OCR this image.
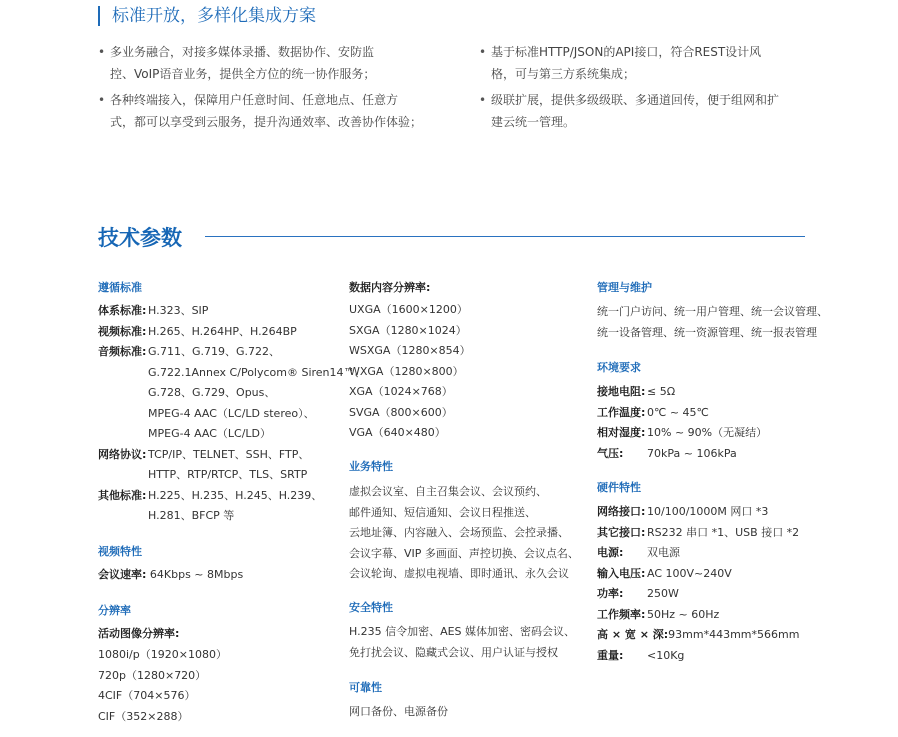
标准开放，多样化集成方案
• 多业务融合，对接多媒体录播、数据协作、安防监
控、VoIP语音业务，提供全方位的统一协作服务；
• 各种终端接入，保障用户任意时间、任意地点、任意方
式，都可以享受到云服务，提升沟通效率、改善协作体验；
• 基于标准HTTP/JSON的API接口，符合REST设计风
格，可与第三方系统集成；
• 级联扩展，提供多级级联、多通道回传，便于组网和扩
建云统一管理。
技术参数
遵循标准
体系标准: H.323、SIP
视频标准: H.265、H.264HP、H.264BP
音频标准: G.711、G.719、G.722、
G.722.1Annex C/Polycom® Siren14™、
G.728、G.729、Opus、
MPEG-4 AAC（LC/LD stereo）、
MPEG-4 AAC（LC/LD）
网络协议: TCP/IP、TELNET、SSH、FTP、
HTTP、RTP/RTCP、TLS、SRTP
其他标准: H.225、H.235、H.245、H.239、
H.281、BFCP 等
视频特性
会议速率: 64Kbps ~ 8Mbps
分辨率
活动图像分辨率:
1080i/p（1920×1080）
720p（1280×720）
4CIF（704×576）
CIF（352×288）
数据内容分辨率:
UXGA（1600×1200）
SXGA（1280×1024）
WSXGA（1280×854）
WXGA（1280×800）
XGA（1024×768）
SVGA（800×600）
VGA（640×480）
业务特性
虚拟会议室、自主召集会议、会议预约、
邮件通知、短信通知、会议日程推送、
云地址簿、内容融入、会场预监、会控录播、
会议字幕、VIP 多画面、声控切换、会议点名、
会议轮询、虚拟电视墙、即时通讯、永久会议
安全特性
H.235 信令加密、AES 媒体加密、密码会议、
免打扰会议、隐藏式会议、用户认证与授权
可靠性
网口备份、电源备份
管理与维护
统一门户访问、统一用户管理、统一会议管理、
统一设备管理、统一资源管理、统一报表管理
环境要求
接地电阻: ≤ 5Ω
工作温度: 0℃ ~ 45℃
相对湿度: 10% ~ 90%（无凝结）
气压: 70kPa ~ 106kPa
硬件特性
网络接口: 10/100/1000M 网口 *3
其它接口: RS232 串口 *1、USB 接口 *2
电源: 双电源
输入电压: AC 100V~240V
功率: 250W
工作频率: 50Hz ~ 60Hz
高 × 宽 × 深:93mm*443mm*566mm
重量: <10Kg
